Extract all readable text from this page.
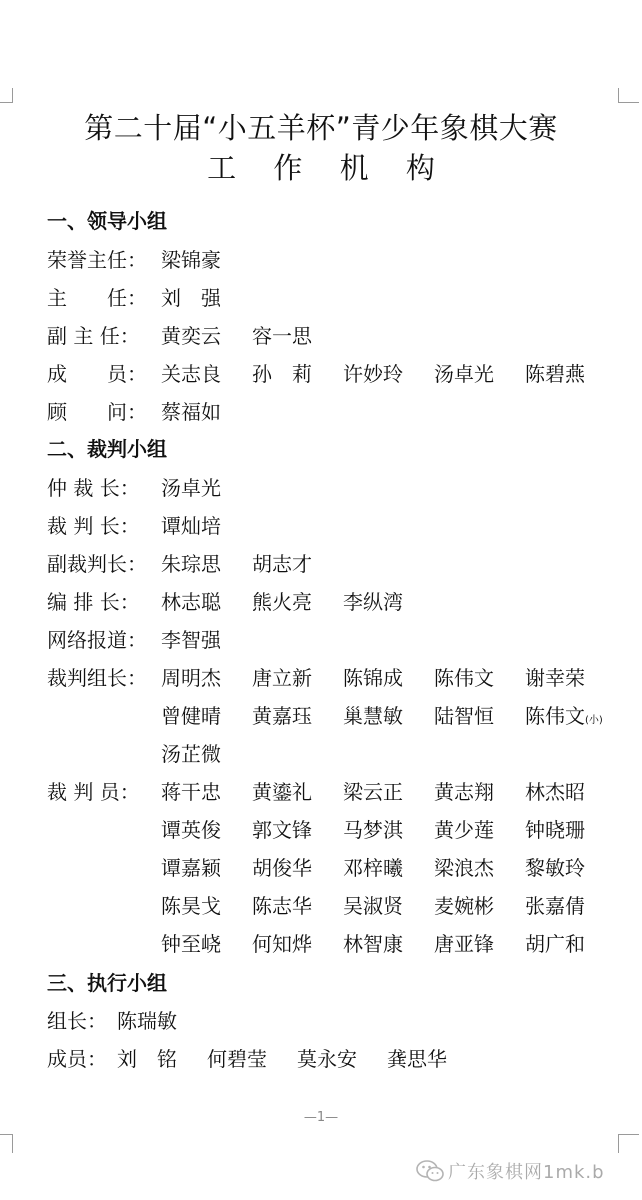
第二十届“小五羊杯”青少年象棋大赛
工 作 机 构
一、领导小组
二、裁判小组
三、执行小组
荣誉主任： 梁锦豪
主　　任： 刘　强
副 主 任：	黄奕云 容一思
成　　员： 关志良 孙　莉 许妙玲 汤卓光 陈碧燕
顾　　问： 蔡福如
仲 裁 长：	汤卓光
裁 判 长：	谭灿培
副裁判长： 朱琮思 胡志才
编 排 长：	林志聪 熊火亮 李纵湾
网络报道： 李智强
裁判组长： 周明杰 唐立新 陈锦成 陈伟文 谢幸荣
曾健晴 黄嘉珏 巢慧敏 陆智恒 陈伟文(小)
汤芷微
裁 判 员：	蒋干忠 黄鎏礼 梁云正 黄志翔 林杰昭
谭英俊 郭文锋 马梦淇 黄少莲 钟晓珊
谭嘉颖 胡俊华 邓梓曦 梁浪杰 黎敏玲
陈昊戈 陈志华 吴淑贤 麦婉彬 张嘉倩
钟至峣 何知烨 林智康 唐亚锋 胡广和
组长： 陈瑞敏
成员： 刘　铭 何碧莹 莫永安 龚思华
—1—
广东象棋网1mk.b
